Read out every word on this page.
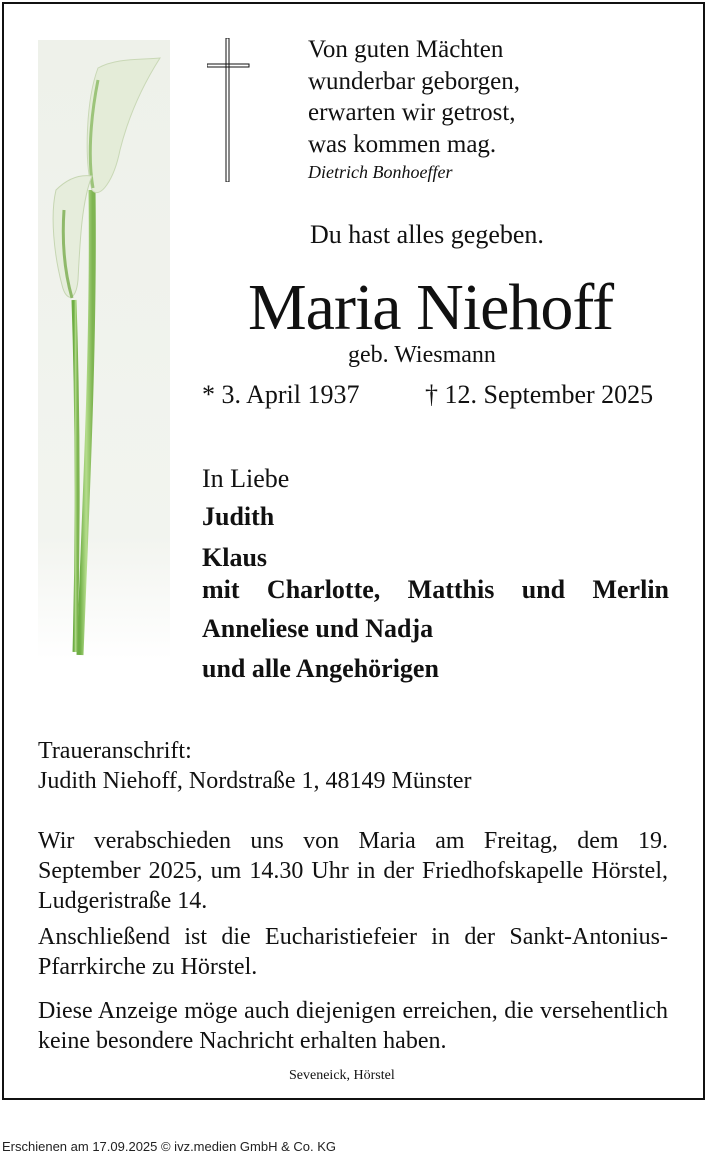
Von guten Mächten
wunderbar geborgen,
erwarten wir getrost,
was kommen mag.
Dietrich Bonhoeffer
Du hast alles gegeben.
Maria Niehoff
geb. Wiesmann
* 3. April 1937	† 12. September 2025
In Liebe
Judith
Klaus
mit Charlotte, Matthis und Merlin
Anneliese und Nadja
und alle Angehörigen
Traueranschrift:
Judith Niehoff, Nordstraße 1, 48149 Münster
Wir verabschieden uns von Maria am Freitag, dem 19. September 2025, um 14.30 Uhr in der Friedhofskapelle Hörstel, Ludgeristraße 14.
Anschließend ist die Eucharistiefeier in der Sankt-Antonius-Pfarrkirche zu Hörstel.
Diese Anzeige möge auch diejenigen erreichen, die versehentlich keine besondere Nachricht erhalten haben.
Seveneick, Hörstel
Erschienen am 17.09.2025 © ivz.medien GmbH & Co. KG
